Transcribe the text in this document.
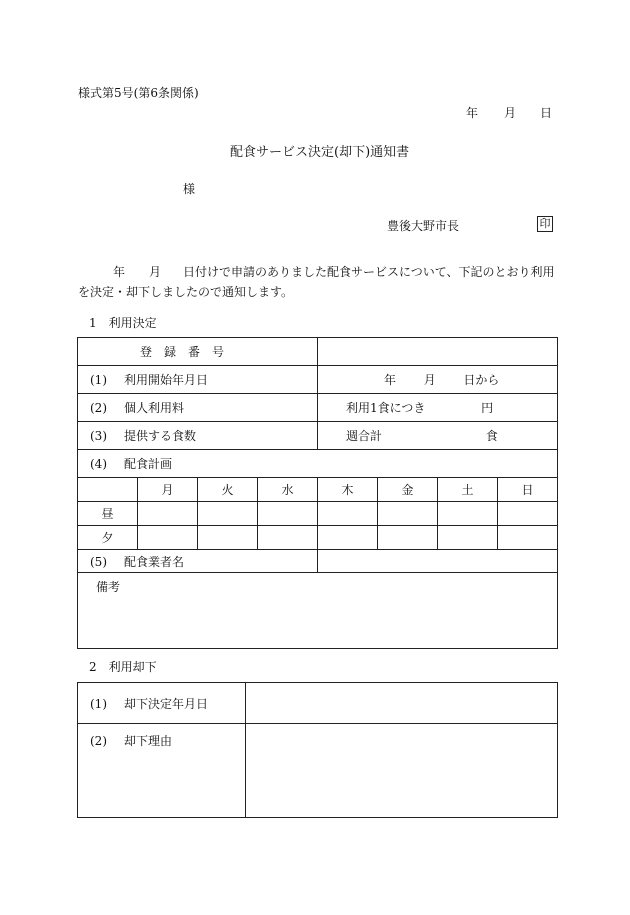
様式第5号(第6条関係)
年 月 日
配食サービス決定(却下)通知書
様
豊後大野市長	印
年 月 日付けで申請のありました配食サービスについて、下記のとおり利用
を決定・却下しましたので通知します。
1　利用決定
登　録　番　号							
(1) 利用開始年月日				年 月 日から			
(2) 個人利用料				利用1食につき 円			
(3) 提供する食数				週合計 食			
(4) 配食計画							
	月	火	水	木	金	土	日
昼							
夕							
(5) 配食業者名							
備考							
2　利用却下
(1) 却下決定年月日	
(2) 却下理由	
